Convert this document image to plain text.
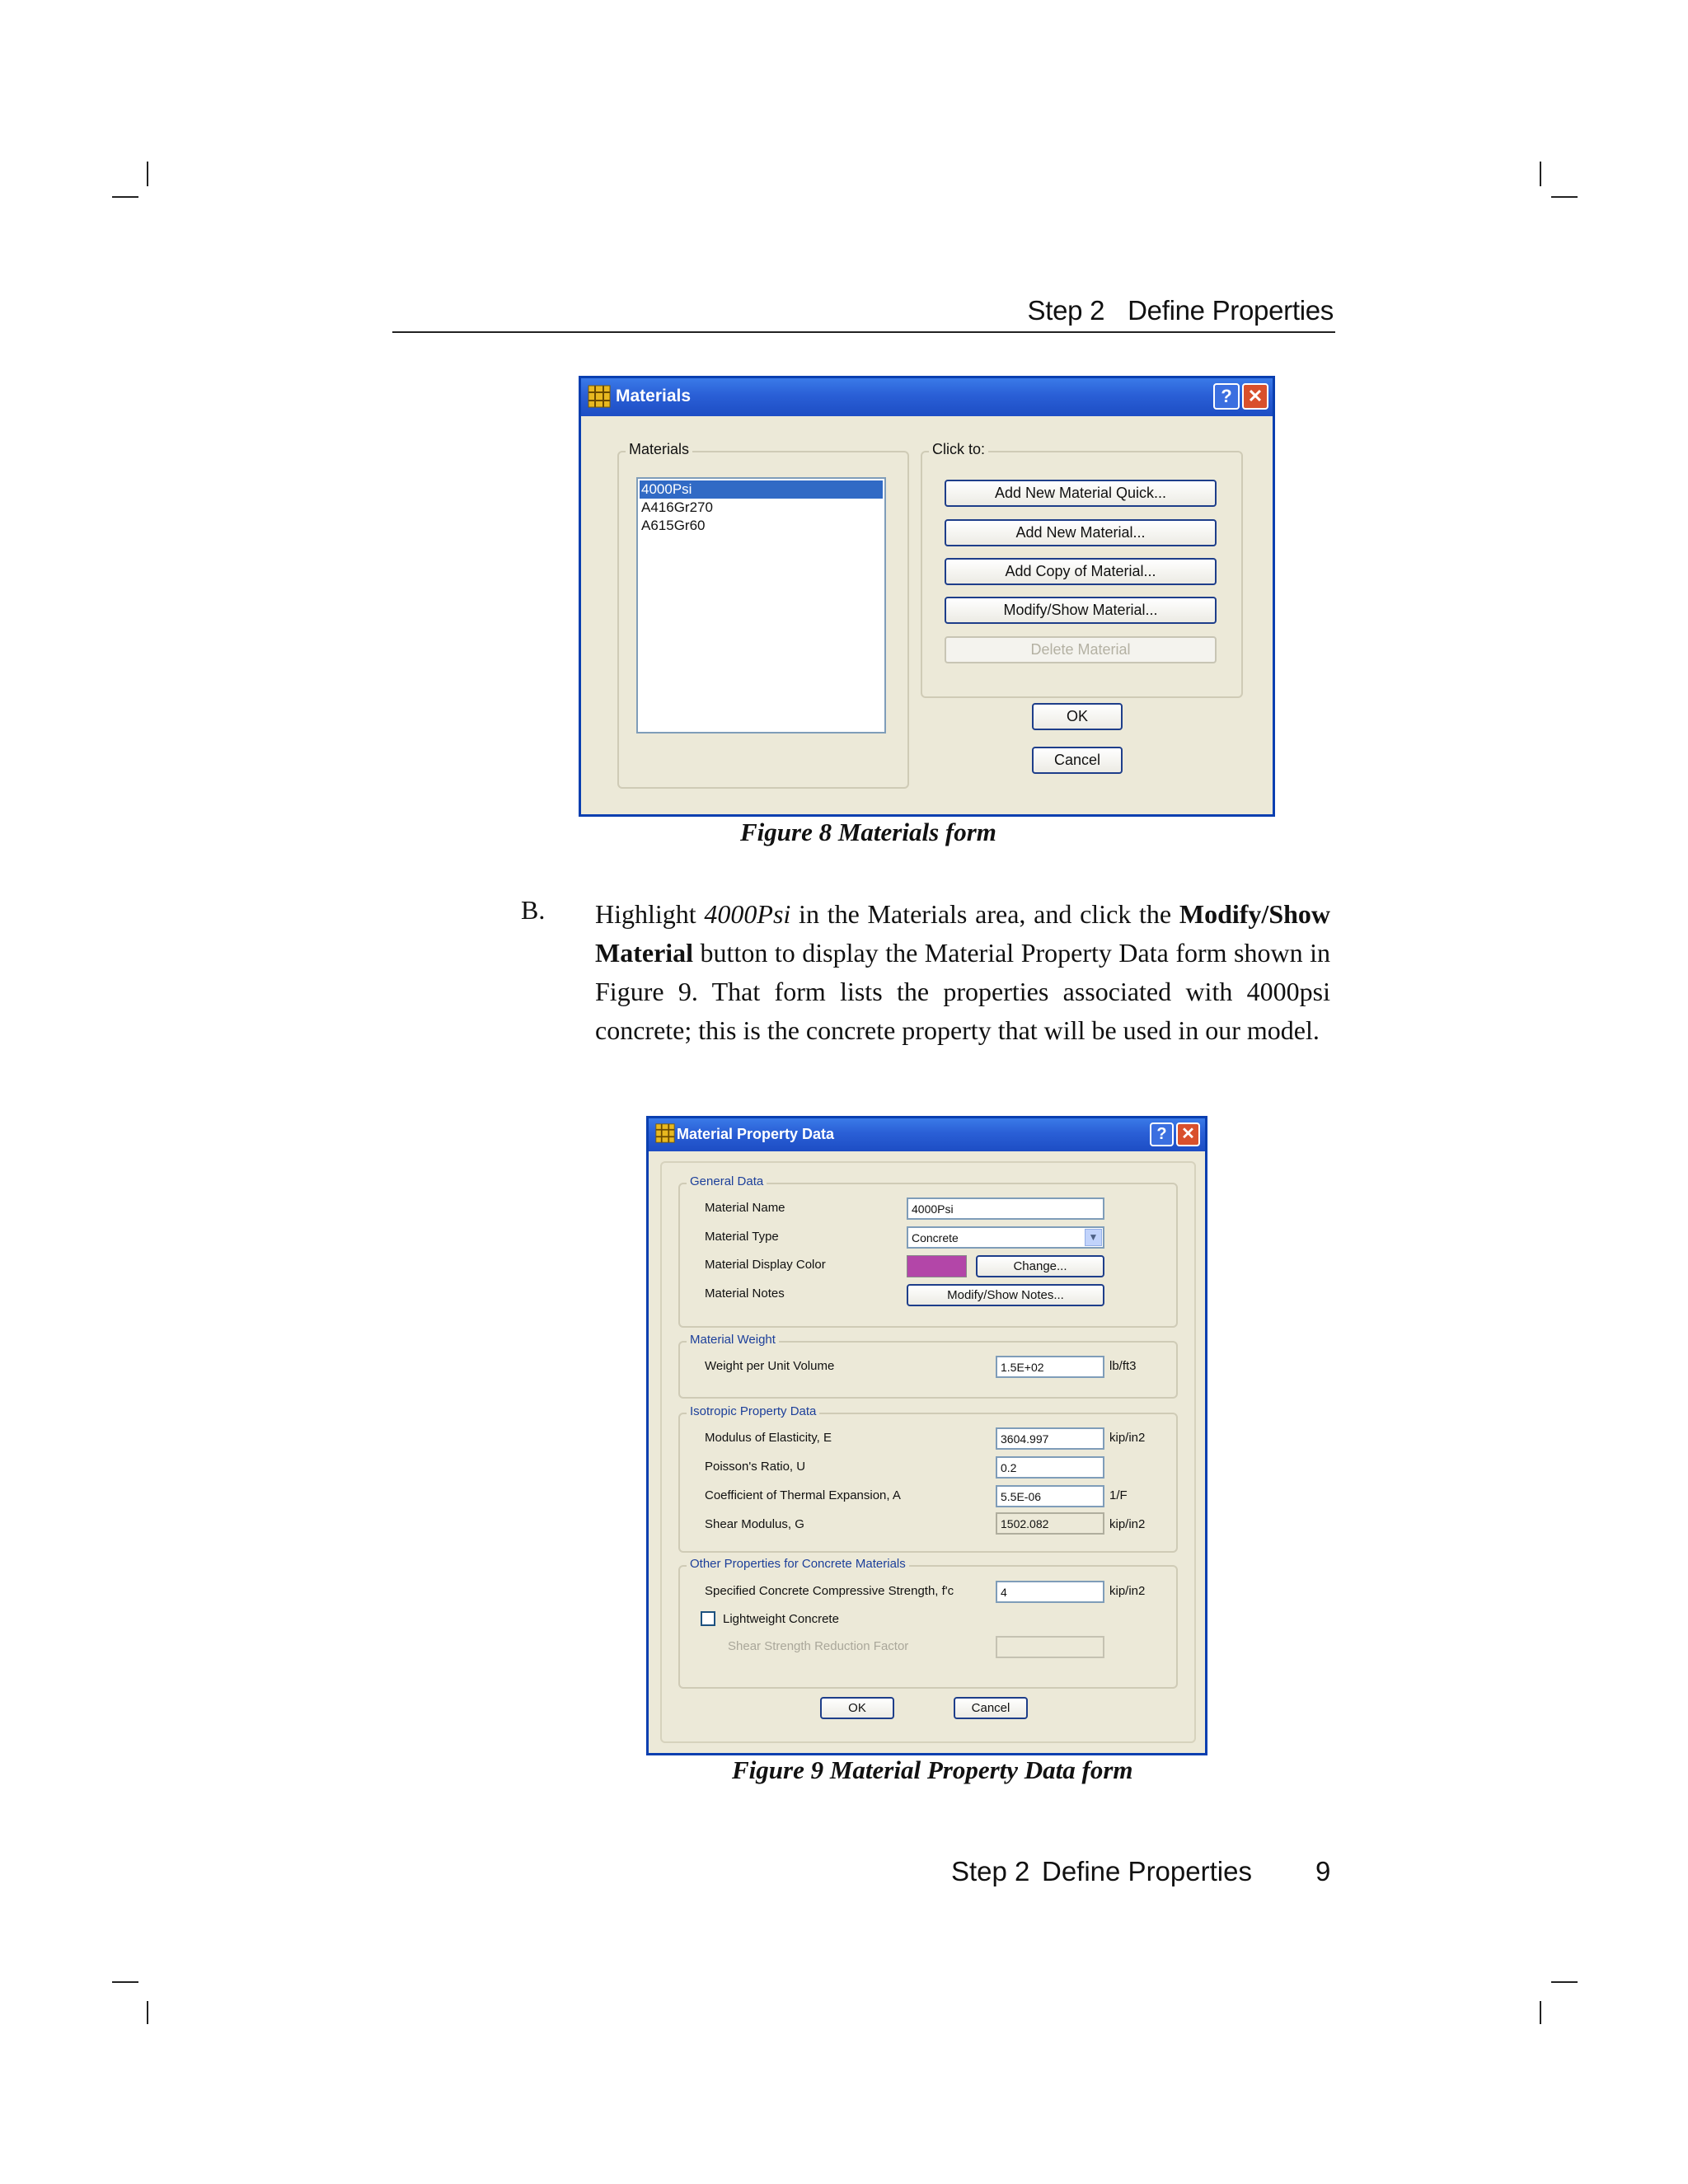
Step 2 Define Properties
Materials	? ✕
Materials
4000Psi
A416Gr270
A615Gr60
Click to:
Add New Material Quick...
Add New Material...
Add Copy of Material...
Modify/Show Material...
Delete Material
OK
Cancel
Figure 8 Materials form
B. Highlight 4000Psi in the Materials area, and click the Modify/Show Material button to display the Material Property Data form shown in Figure 9. That form lists the properties associated with 4000psi concrete; this is the concrete property that will be used in our model.
Material Property Data	? ✕
General Data
Material Name	4000Psi
Material Type	Concrete	▼
Material Display Color	Change...
Material Notes	Modify/Show Notes...
Material Weight
Weight per Unit Volume	1.5E+02	lb/ft3
Isotropic Property Data
Modulus of Elasticity, E	3604.997	kip/in2
Poisson's Ratio, U	0.2
Coefficient of Thermal Expansion, A	5.5E-06	1/F
Shear Modulus, G	1502.082	kip/in2
Other Properties for Concrete Materials
Specified Concrete Compressive Strength, f'c	4	kip/in2
Lightweight Concrete
Shear Strength Reduction Factor
OK	Cancel
Figure 9 Material Property Data form
Step 2 Define Properties 9
